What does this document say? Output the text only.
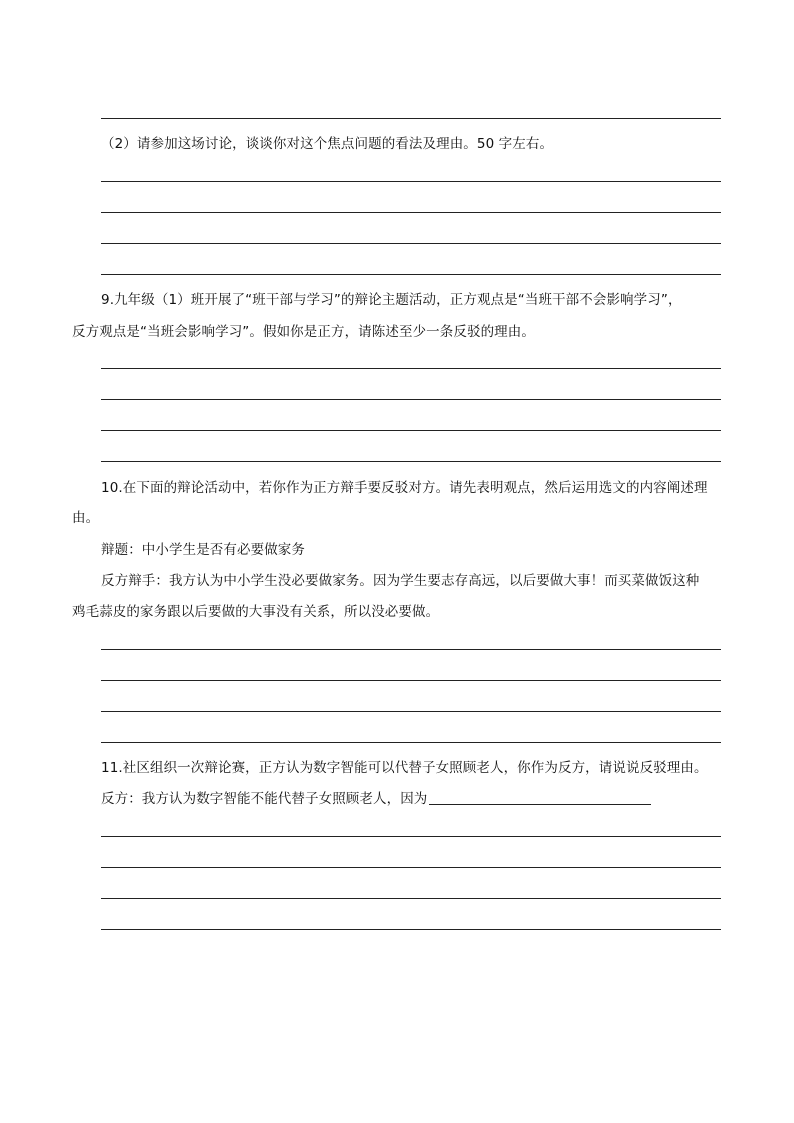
（2）请参加这场讨论，谈谈你对这个焦点问题的看法及理由。50 字左右。
9.九年级（1）班开展了“班干部与学习”的辩论主题活动，正方观点是“当班干部不会影响学习”，
反方观点是“当班会影响学习”。假如你是正方，请陈述至少一条反驳的理由。
10.在下面的辩论活动中，若你作为正方辩手要反驳对方。请先表明观点，然后运用选文的内容阐述理
由。
辩题：中小学生是否有必要做家务
反方辩手：我方认为中小学生没必要做家务。因为学生要志存高远，以后要做大事！而买菜做饭这种
鸡毛蒜皮的家务跟以后要做的大事没有关系，所以没必要做。
11.社区组织一次辩论赛，正方认为数字智能可以代替子女照顾老人，你作为反方，请说说反驳理由。
反方：我方认为数字智能不能代替子女照顾老人，因为
